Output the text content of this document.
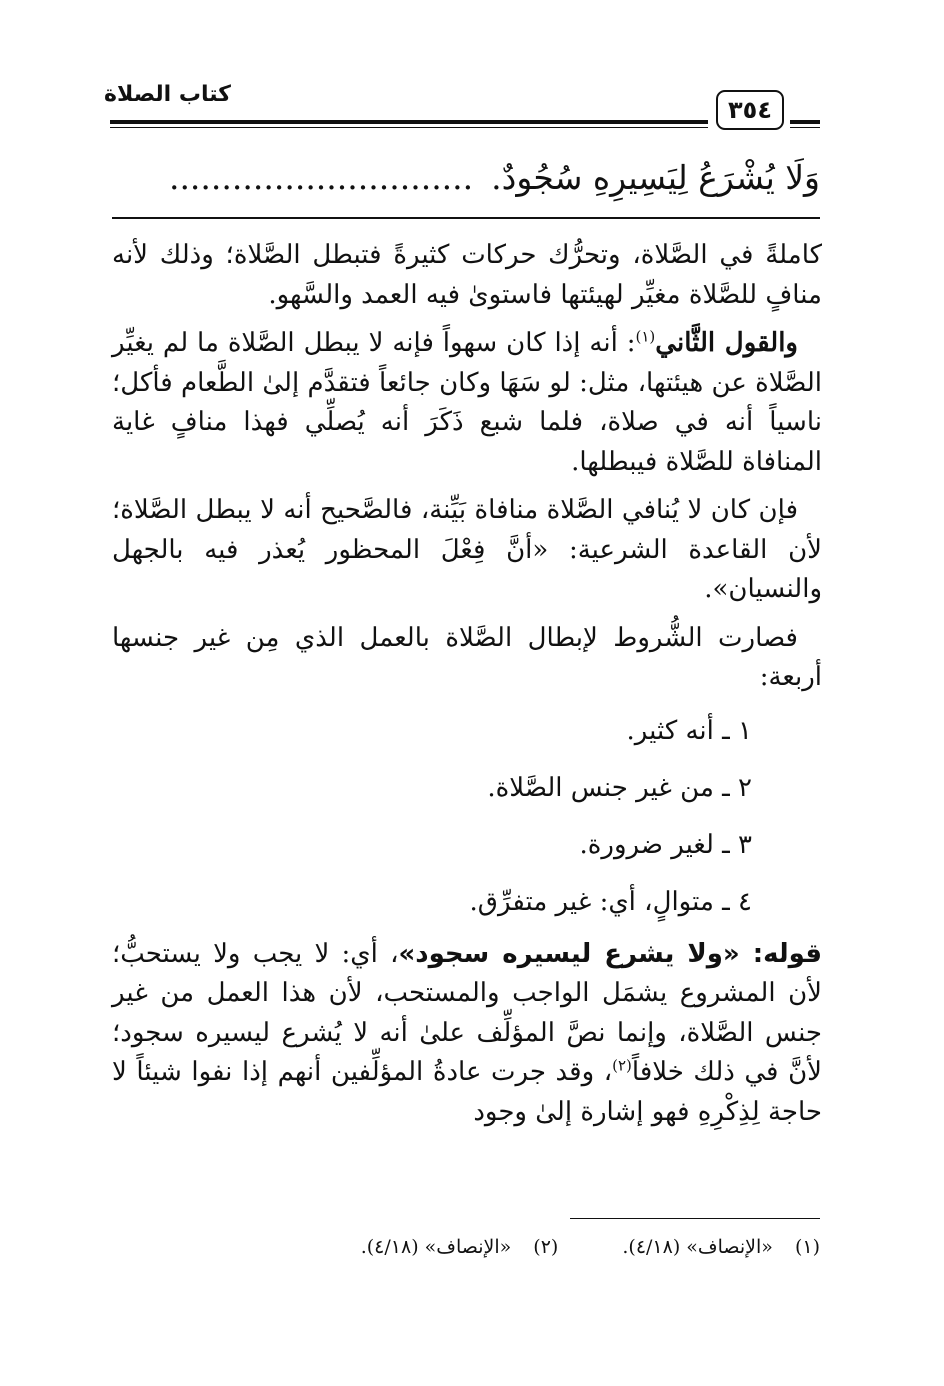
كتاب الصلاة
٣٥٤
وَلَا يُشْرَعُ لِيَسِيرِهِ سُجُودٌ..............................

كاملةً في الصَّلاة، وتحرُّك حركات كثيرةً فتبطل الصَّلاة؛ وذلك لأنه منافٍ للصَّلاة مغيِّر لهيئتها فاستوىٰ فيه العمد والسَّهو.

والقول الثَّاني$^{(١)}$: أنه إذا كان سهواً فإنه لا يبطل الصَّلاة ما لم يغيِّر الصَّلاة عن هيئتها، مثل: لو سَهَا وكان جائعاً فتقدَّم إلىٰ الطَّعام فأكل؛ ناسياً أنه في صلاة، فلما شبع ذَكَرَ أنه يُصلِّي فهذا منافٍ غاية المنافاة للصَّلاة فيبطلها.

فإن كان لا يُنافي الصَّلاة منافاة بَيِّنة، فالصَّحيح أنه لا يبطل الصَّلاة؛ لأن القاعدة الشرعية: «أنَّ فِعْلَ المحظور يُعذر فيه بالجهل والنسيان».

فصارت الشُّروط لإبطال الصَّلاة بالعمل الذي مِن غير جنسها أربعة:

١ ـ أنه كثير.
٢ ـ من غير جنس الصَّلاة.
٣ ـ لغير ضرورة.
٤ ـ متوالٍ، أي: غير متفرِّق.

قوله: «ولا يشرع ليسيره سجود»، أي: لا يجب ولا يستحبُّ؛ لأن المشروع يشمَل الواجب والمستحب، لأن هذا العمل من غير جنس الصَّلاة، وإنما نصَّ المؤلِّف علىٰ أنه لا يُشرع ليسيره سجود؛ لأنَّ في ذلك خلافاً$^{(٢)}$، وقد جرت عادةُ المؤلِّفين أنهم إذا نفوا شيئاً لا حاجة لِذِكْرِهِ فهو إشارة إلىٰ وجود

(١)«الإنصاف» (٤/١٨). (٢)«الإنصاف» (٤/١٨).
